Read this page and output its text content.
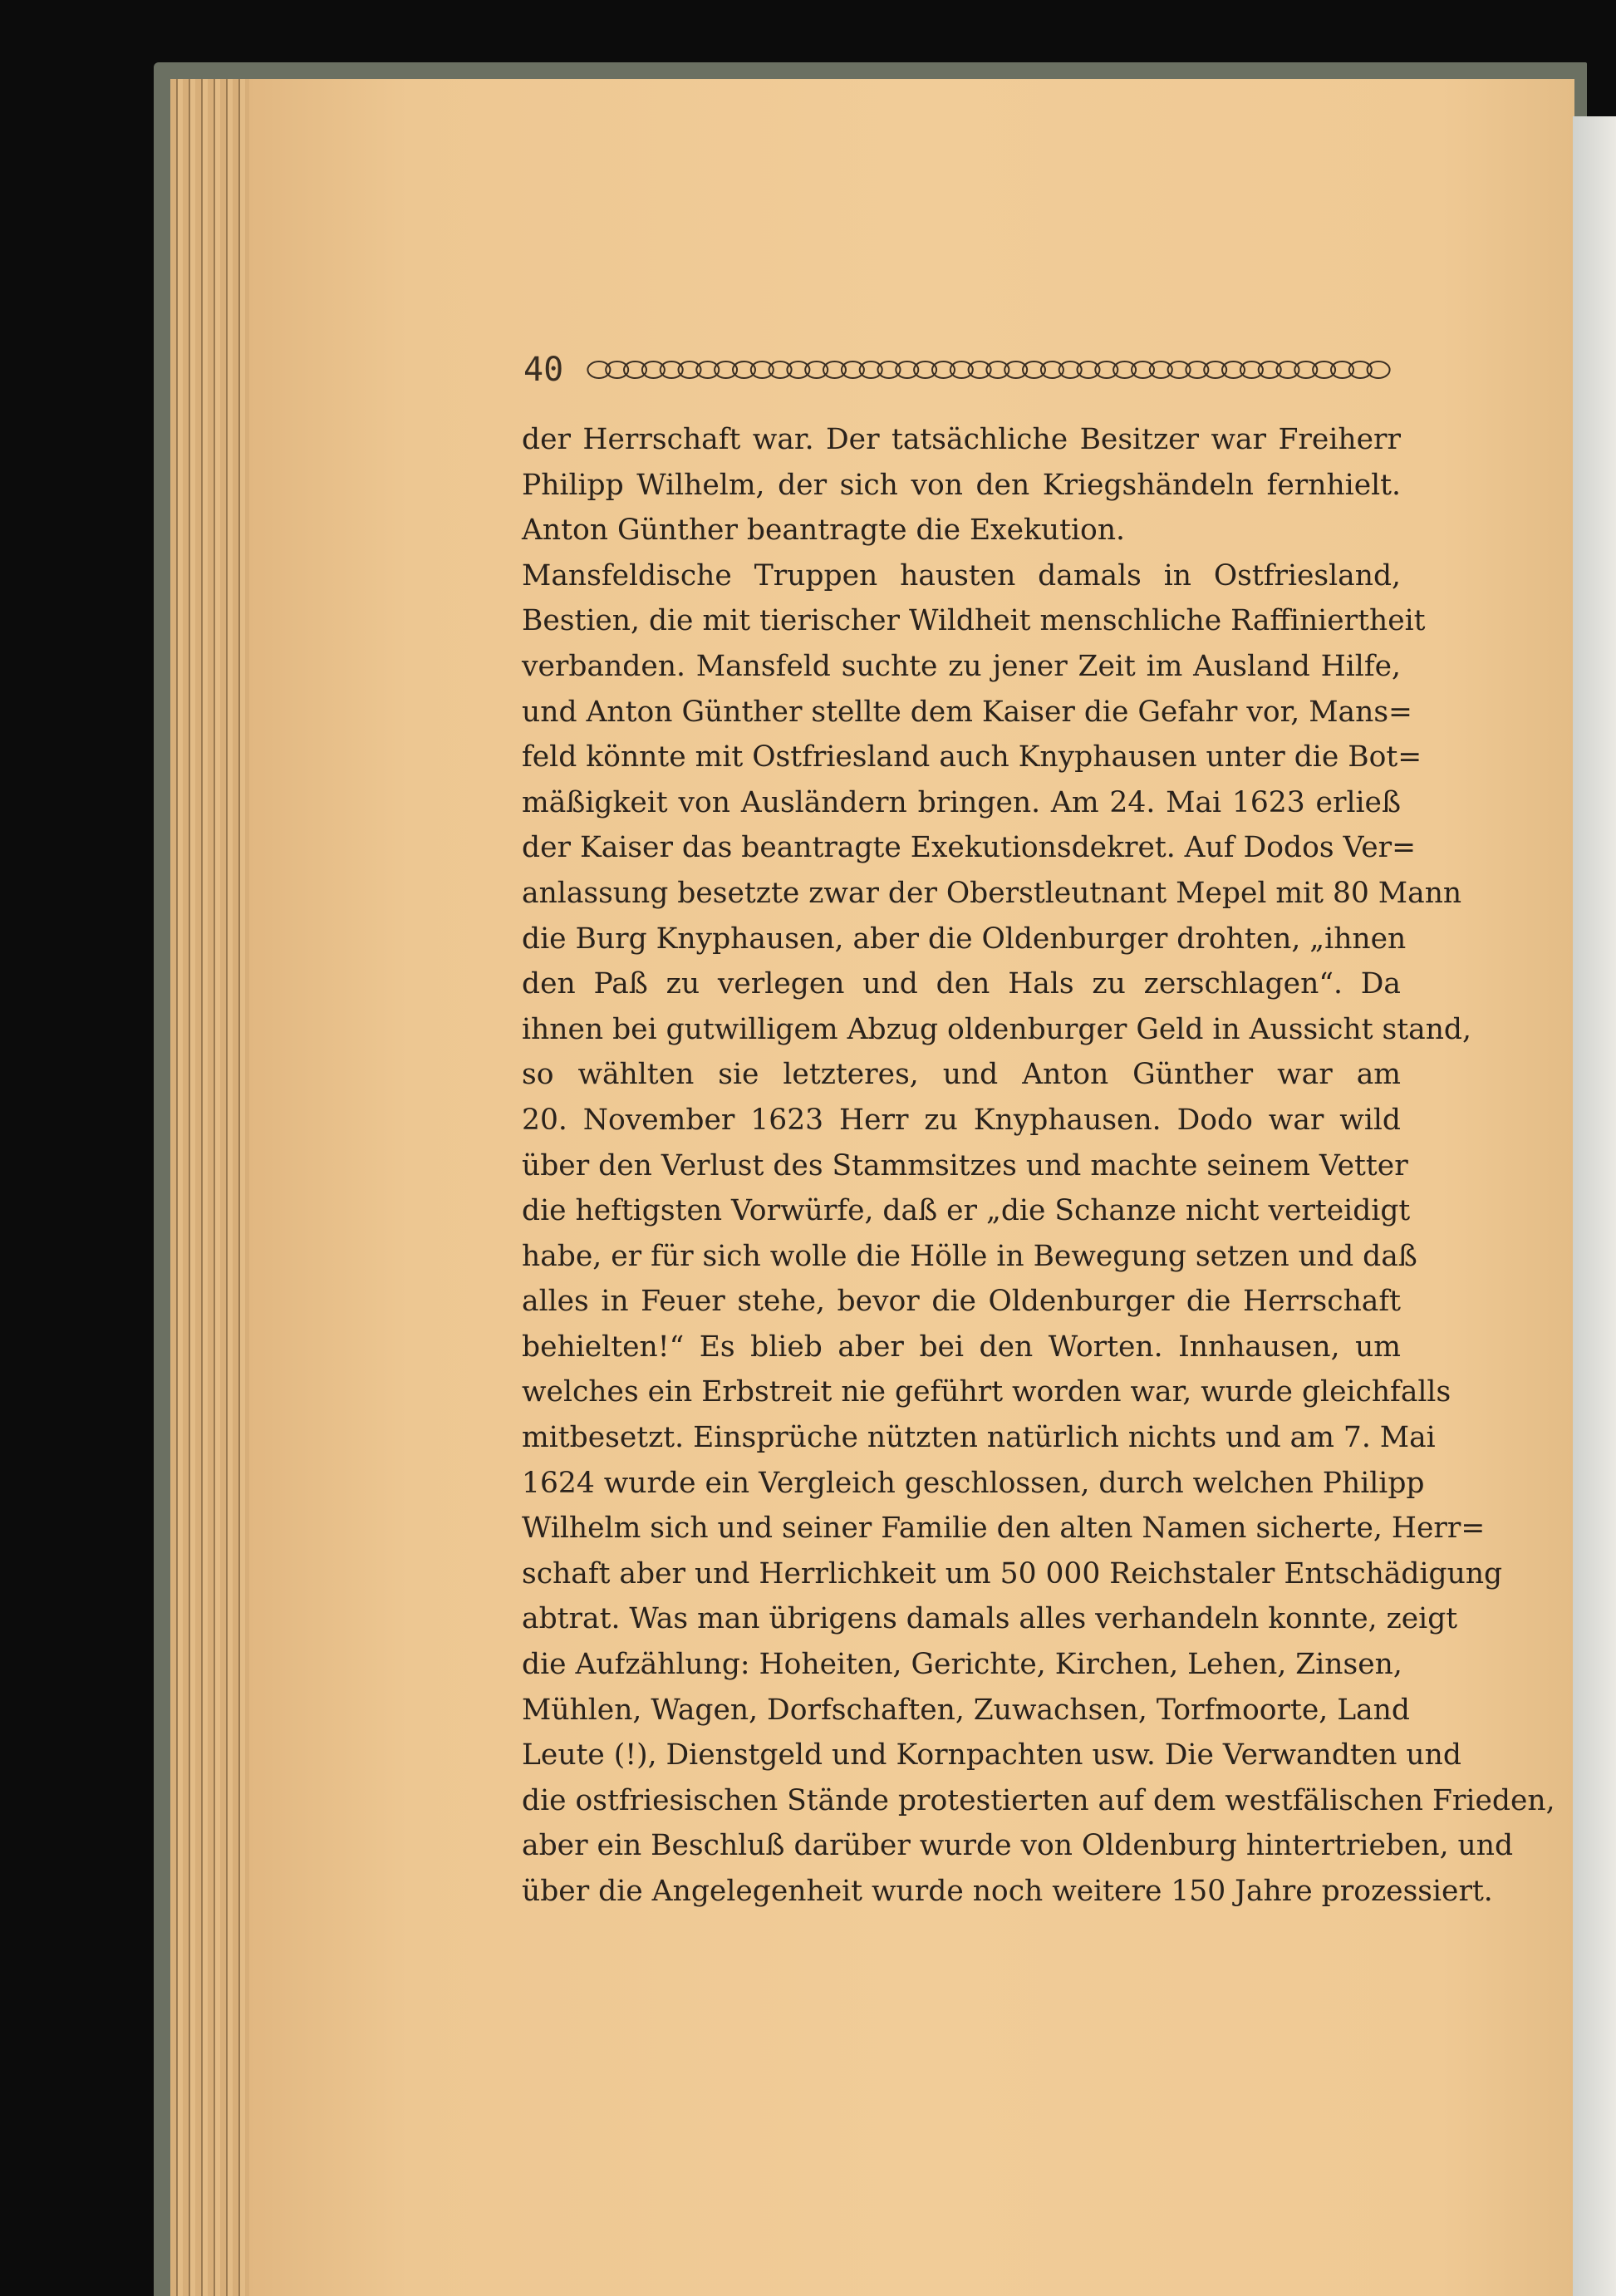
40
der Herrschaft war. Der tatsächliche Besitzer war Freiherr
Philipp Wilhelm, der sich von den Kriegshändeln fernhielt.
Anton Günther beantragte die Exekution.
Mansfeldische Truppen hausten damals in Ostfriesland,
Bestien, die mit tierischer Wildheit menschliche Raffiniertheit
verbanden. Mansfeld suchte zu jener Zeit im Ausland Hilfe,
und Anton Günther stellte dem Kaiser die Gefahr vor, Mans=
feld könnte mit Ostfriesland auch Knyphausen unter die Bot=
mäßigkeit von Ausländern bringen. Am 24. Mai 1623 erließ
der Kaiser das beantragte Exekutionsdekret. Auf Dodos Ver=
anlassung besetzte zwar der Oberstleutnant Mepel mit 80 Mann
die Burg Knyphausen, aber die Oldenburger drohten, „ihnen
den Paß zu verlegen und den Hals zu zerschlagen“. Da
ihnen bei gutwilligem Abzug oldenburger Geld in Aussicht stand,
so wählten sie letzteres, und Anton Günther war am
20. November 1623 Herr zu Knyphausen. Dodo war wild
über den Verlust des Stammsitzes und machte seinem Vetter
die heftigsten Vorwürfe, daß er „die Schanze nicht verteidigt
habe, er für sich wolle die Hölle in Bewegung setzen und daß
alles in Feuer stehe, bevor die Oldenburger die Herrschaft
behielten!“ Es blieb aber bei den Worten. Innhausen, um
welches ein Erbstreit nie geführt worden war, wurde gleichfalls
mitbesetzt. Einsprüche nützten natürlich nichts und am 7. Mai
1624 wurde ein Vergleich geschlossen, durch welchen Philipp
Wilhelm sich und seiner Familie den alten Namen sicherte, Herr=
schaft aber und Herrlichkeit um 50 000 Reichstaler Entschädigung
abtrat. Was man übrigens damals alles verhandeln konnte, zeigt
die Aufzählung: Hoheiten, Gerichte, Kirchen, Lehen, Zinsen,
Mühlen, Wagen, Dorfschaften, Zuwachsen, Torfmoorte, Land
Leute (!), Dienstgeld und Kornpachten usw. Die Verwandten und
die ostfriesischen Stände protestierten auf dem westfälischen Frieden,
aber ein Beschluß darüber wurde von Oldenburg hintertrieben, und
über die Angelegenheit wurde noch weitere 150 Jahre prozessiert.
